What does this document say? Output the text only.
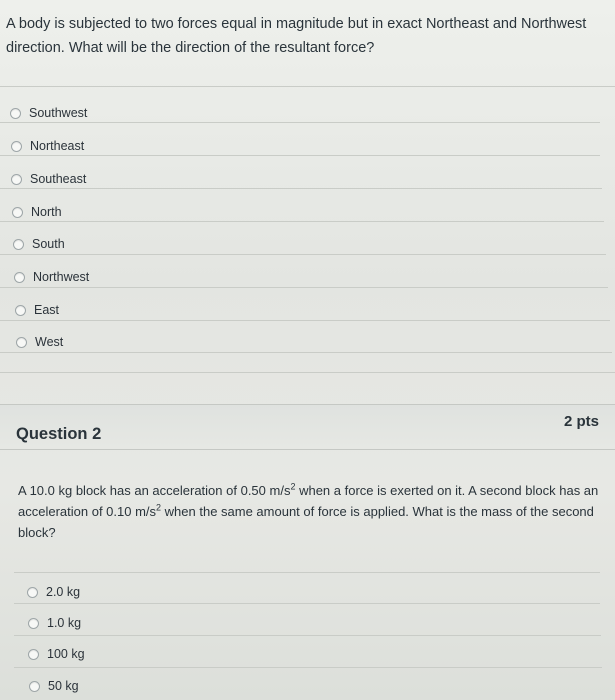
A body is subjected to two forces equal in magnitude but in exact Northeast and Northwest direction. What will be the direction of the resultant force?
Southwest
Northeast
Southeast
North
South
Northwest
East
West
Question 2
2 pts
A 10.0 kg block has an acceleration of 0.50 $m/s^2$ when a force is exerted on it. A second block has an acceleration of 0.10 $m/s^2$ when the same amount of force is applied. What is the mass of the second block?
2.0 kg
1.0 kg
100 kg
50 kg
